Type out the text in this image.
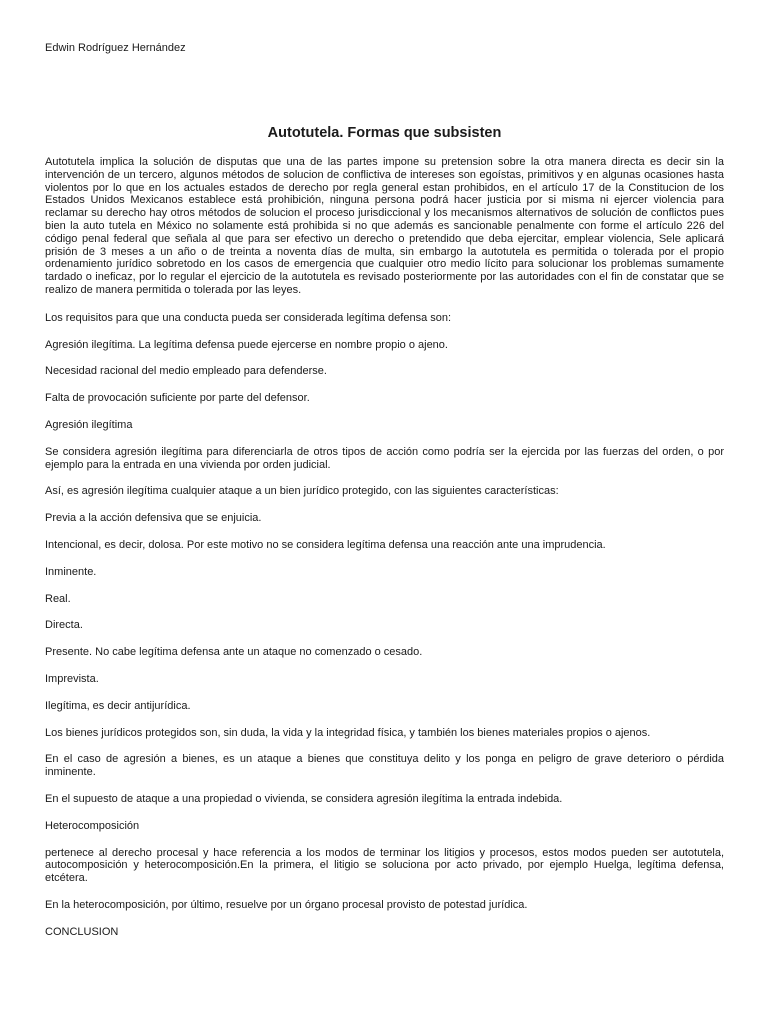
Edwin Rodríguez Hernández
Autotutela. Formas que subsisten

Autotutela implica la solución de disputas que una de las partes impone su pretension sobre la otra manera directa es decir sin la intervención de un tercero, algunos métodos de solucion de conflictiva de intereses son egoístas, primitivos y en algunas ocasiones hasta violentos por lo que en los actuales estados de derecho por regla general estan prohibidos, en el artículo 17 de la Constitucion de los Estados Unidos Mexicanos establece está prohibición, ninguna persona podrá hacer justicia por si misma ni ejercer violencia para reclamar su derecho hay otros métodos de solucion el proceso jurisdiccional y los mecanismos alternativos de solución de conflictos pues bien la auto tutela en México no solamente está prohibida si no que además es sancionable penalmente con forme el artículo 226 del código penal federal que señala al que para ser efectivo un derecho o pretendido que deba ejercitar, emplear violencia, Sele aplicará prisión de 3 meses a un año o de treinta a noventa días de multa, sin embargo la autotutela es permitida o tolerada por el propio ordenamiento jurídico sobretodo en los casos de emergencia que cualquier otro medio lícito para solucionar los problemas sumamente tardado o ineficaz, por lo regular el ejercicio de la autotutela es revisado posteriormente por las autoridades con el fin de constatar que se realizo de manera permitida o tolerada por las leyes.

Los requisitos para que una conducta pueda ser considerada legítima defensa son:

Agresión ilegítima. La legítima defensa puede ejercerse en nombre propio o ajeno.

Necesidad racional del medio empleado para defenderse.

Falta de provocación suficiente por parte del defensor.

Agresión ilegítima

Se considera agresión ilegítima para diferenciarla de otros tipos de acción como podría ser la ejercida por las fuerzas del orden, o por ejemplo para la entrada en una vivienda por orden judicial.

Así, es agresión ilegítima cualquier ataque a un bien jurídico protegido, con las siguientes características:

Previa a la acción defensiva que se enjuicia.

Intencional, es decir, dolosa. Por este motivo no se considera legítima defensa una reacción ante una imprudencia.

Inminente.

Real.

Directa.

Presente. No cabe legítima defensa ante un ataque no comenzado o cesado.

Imprevista.

Ilegítima, es decir antijurídica.

Los bienes jurídicos protegidos son, sin duda, la vida y la integridad física, y también los bienes materiales propios o ajenos.

En el caso de agresión a bienes, es un ataque a bienes que constituya delito y los ponga en peligro de grave deterioro o pérdida inminente.

En el supuesto de ataque a una propiedad o vivienda, se considera agresión ilegítima la entrada indebida.

Heterocomposición

pertenece al derecho procesal y hace referencia a los modos de terminar los litigios y procesos, estos modos pueden ser autotutela, autocomposición y heterocomposición.En la primera, el litigio se soluciona por acto privado, por ejemplo Huelga, legítima defensa, etcétera.

En la heterocomposición, por último, resuelve por un órgano procesal provisto de potestad jurídica.

CONCLUSION
